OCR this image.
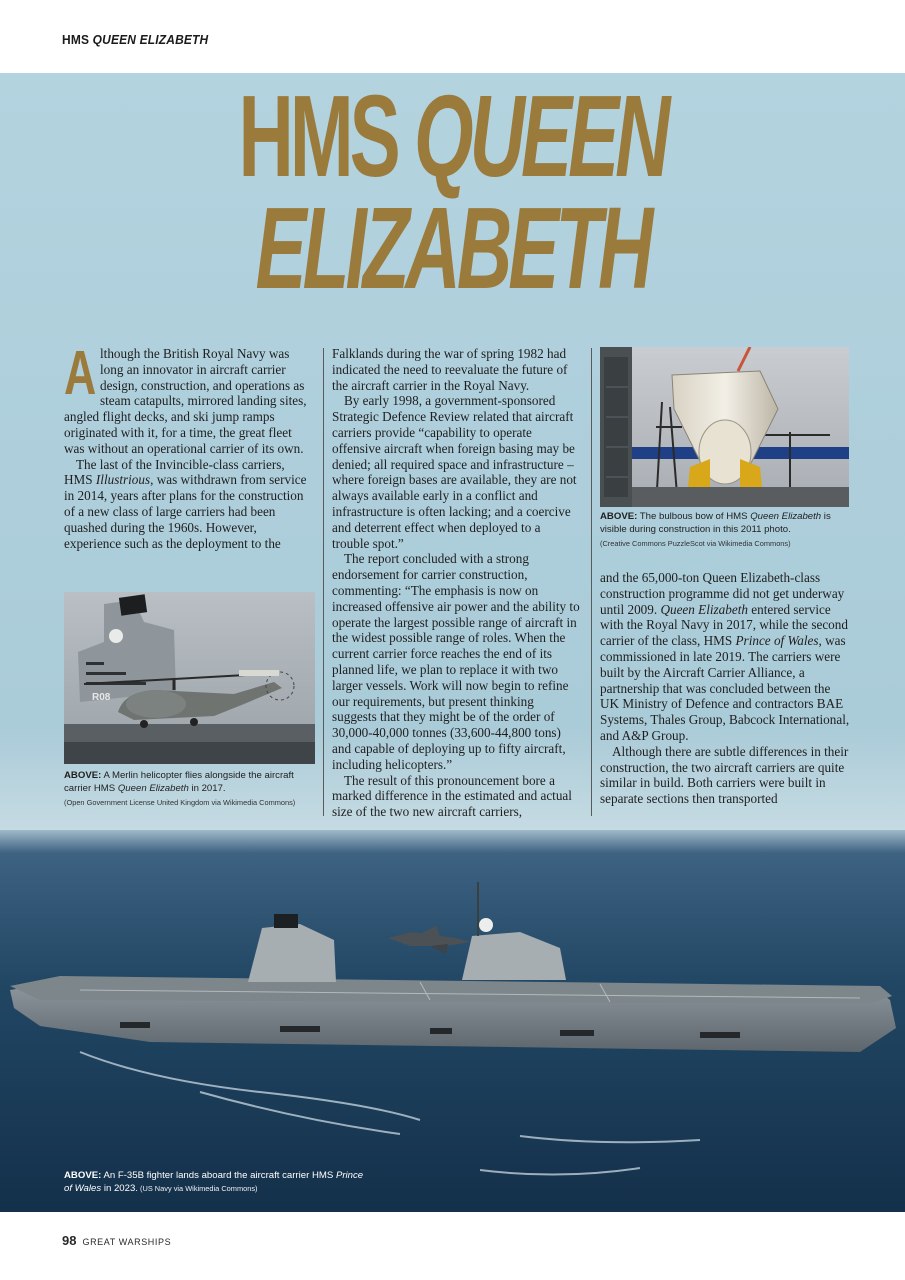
HMS QUEEN ELIZABETH
HMS QUEEN
ELIZABETH

Although the British Royal Navy was long an innovator in aircraft carrier design, construction, and operations as steam catapults, mirrored landing sites, angled flight decks, and ski jump ramps originated with it, for a time, the great fleet was without an operational carrier of its own.

The last of the Invincible-class carriers, HMS Illustrious, was withdrawn from service in 2014, years after plans for the construction of a new class of large carriers had been quashed during the 1960s. However, experience such as the deployment to the

Falklands during the war of spring 1982 had indicated the need to reevaluate the future of the aircraft carrier in the Royal Navy.

By early 1998, a government-sponsored Strategic Defence Review related that aircraft carriers provide “capability to operate offensive aircraft when foreign basing may be denied; all required space and infrastructure – where foreign bases are available, they are not always available early in a conflict and infrastructure is often lacking; and a coercive and deterrent effect when deployed to a trouble spot.”

The report concluded with a strong endorsement for carrier construction, commenting: “The emphasis is now on increased offensive air power and the ability to operate the largest possible range of aircraft in the widest possible range of roles. When the current carrier force reaches the end of its planned life, we plan to replace it with two larger vessels. Work will now begin to refine our requirements, but present thinking suggests that they might be of the order of 30,000-40,000 tonnes (33,600-44,800 tons) and capable of deploying up to fifty aircraft, including helicopters.”

The result of this pronouncement bore a marked difference in the estimated and actual size of the two new aircraft carriers,

and the 65,000-ton Queen Elizabeth-class construction programme did not get underway until 2009. Queen Elizabeth entered service with the Royal Navy in 2017, while the second carrier of the class, HMS Prince of Wales, was commissioned in late 2019. The carriers were built by the Aircraft Carrier Alliance, a partnership that was concluded between the UK Ministry of Defence and contractors BAE Systems, Thales Group, Babcock International, and A&P Group.

Although there are subtle differences in their construction, the two aircraft carriers are quite similar in build. Both carriers were built in separate sections then transported

ABOVE: The bulbous bow of HMS Queen Elizabeth is visible during construction in this 2011 photo.
(Creative Commons PuzzleScot via Wikimedia Commons)
R08
ABOVE: A Merlin helicopter flies alongside the aircraft carrier HMS Queen Elizabeth in 2017.
(Open Government License United Kingdom via Wikimedia Commons)
ABOVE: An F-35B fighter lands aboard the aircraft carrier HMS Prince of Wales in 2023. (US Navy via Wikimedia Commons)
98 GREAT WARSHIPS
